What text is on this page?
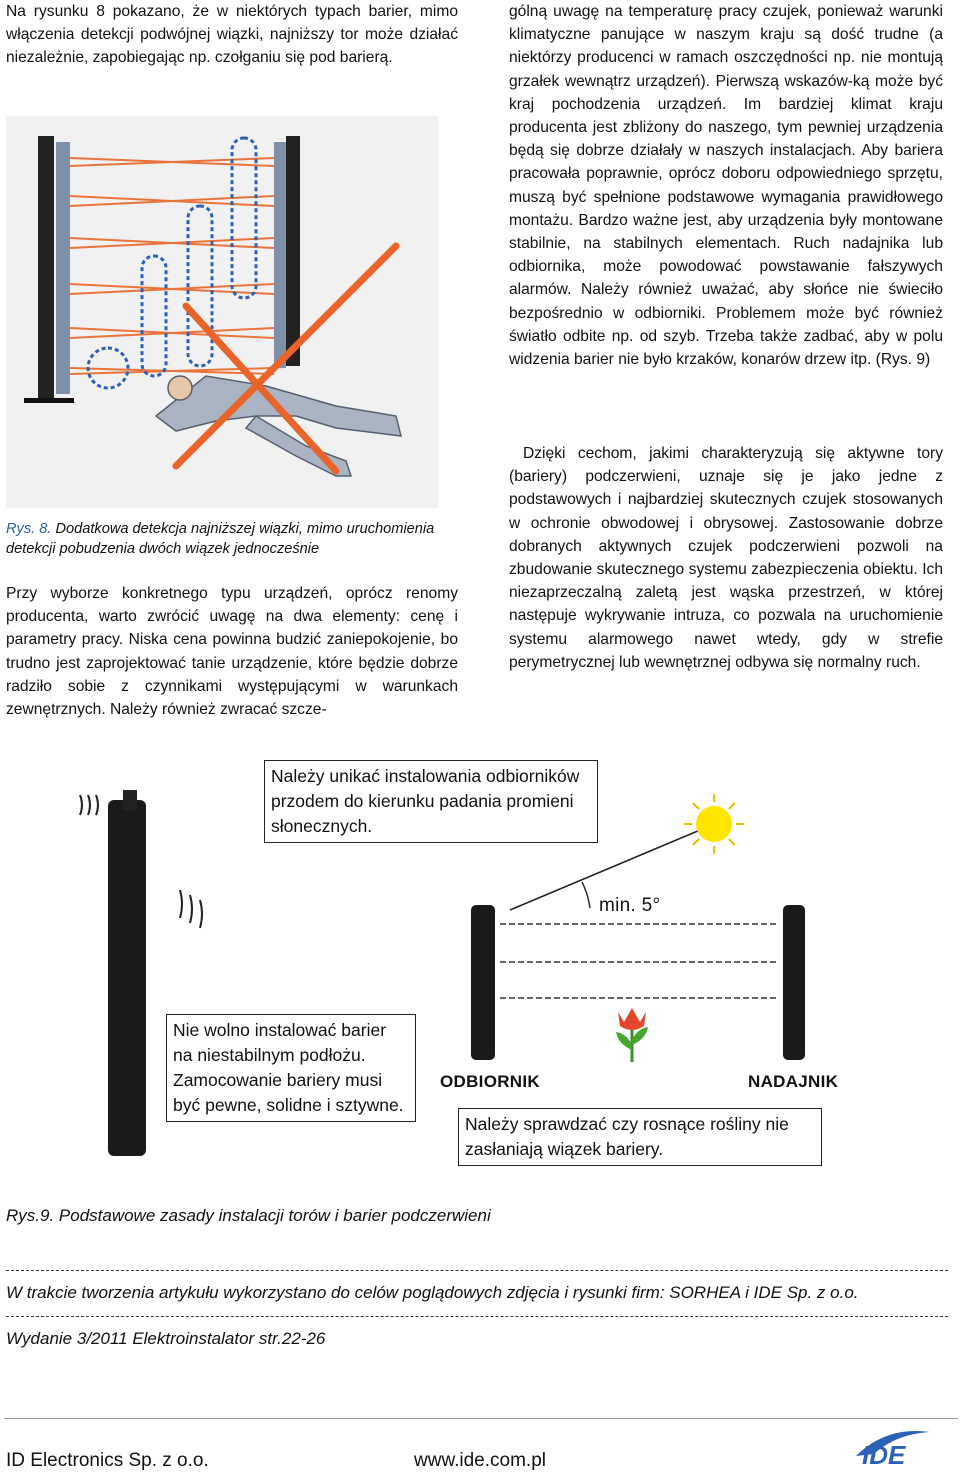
Na rysunku 8 pokazano, że w niektórych typach barier, mimo włączenia detekcji podwójnej wiązki, najniższy tor może działać niezależnie, zapobiegając np. czołganiu się pod barierą.
Rys. 8. Dodatkowa detekcja najniższej wiązki, mimo uruchomienia detekcji pobudzenia dwóch wiązek jednocześnie
Przy wyborze konkretnego typu urządzeń, oprócz renomy producenta, warto zwrócić uwagę na dwa elementy: cenę i parametry pracy. Niska cena powinna budzić zaniepokojenie, bo trudno jest zaprojektować tanie urządzenie, które będzie dobrze radziło sobie z czynnikami występującymi w warunkach zewnętrznych. Należy również zwracać szcze-
gólną uwagę na temperaturę pracy czujek, ponieważ warunki klimatyczne panujące w naszym kraju są dość trudne (a niektórzy producenci w ramach oszczędności np. nie montują grzałek wewnątrz urządzeń). Pierwszą wskazów-ką może być kraj pochodzenia urządzeń. Im bardziej klimat kraju producenta jest zbliżony do naszego, tym pewniej urządzenia będą się dobrze działały w naszych instalacjach. Aby bariera pracowała poprawnie, oprócz doboru odpowiedniego sprzętu, muszą być spełnione podstawowe wymagania prawidłowego montażu. Bardzo ważne jest, aby urządzenia były montowane stabilnie, na stabilnych elementach. Ruch nadajnika lub odbiornika, może powodować powstawanie fałszywych alarmów. Należy również uważać, aby słońce nie świeciło bezpośrednio w odbiorniki. Problemem może być również światło odbite np. od szyb. Trzeba także zadbać, aby w polu widzenia barier nie było krzaków, konarów drzew itp. (Rys. 9)
Dzięki cechom, jakimi charakteryzują się aktywne tory (bariery) podczerwieni, uznaje się je jako jedne z podstawowych i najbardziej skutecznych czujek stosowanych w ochronie obwodowej i obrysowej. Zastosowanie dobrze dobranych aktywnych czujek podczerwieni pozwoli na zbudowanie skutecznego systemu zabezpieczenia obiektu. Ich niezaprzeczalną zaletą jest wąska przestrzeń, w której następuje wykrywanie intruza, co pozwala na uruchomienie systemu alarmowego nawet wtedy, gdy w strefie perymetrycznej lub wewnętrznej odbywa się normalny ruch.
min. 5°
ODBIORNIK	NADAJNIK
Należy unikać instalowania odbiorników przodem do kierunku padania promieni słonecznych.
Nie wolno instalować barier na niestabilnym podłożu. Zamocowanie bariery musi być pewne, solidne i sztywne.
Należy sprawdzać czy rosnące rośliny nie zasłaniają wiązek bariery.
Rys.9. Podstawowe zasady instalacji torów i barier podczerwieni
W trakcie tworzenia artykułu wykorzystano do celów poglądowych zdjęcia i rysunki firm: SORHEA i IDE Sp. z o.o.
Wydanie 3/2011 Elektroinstalator str.22-26
ID Electronics Sp. z o.o.	www.ide.com.pl	IDE
